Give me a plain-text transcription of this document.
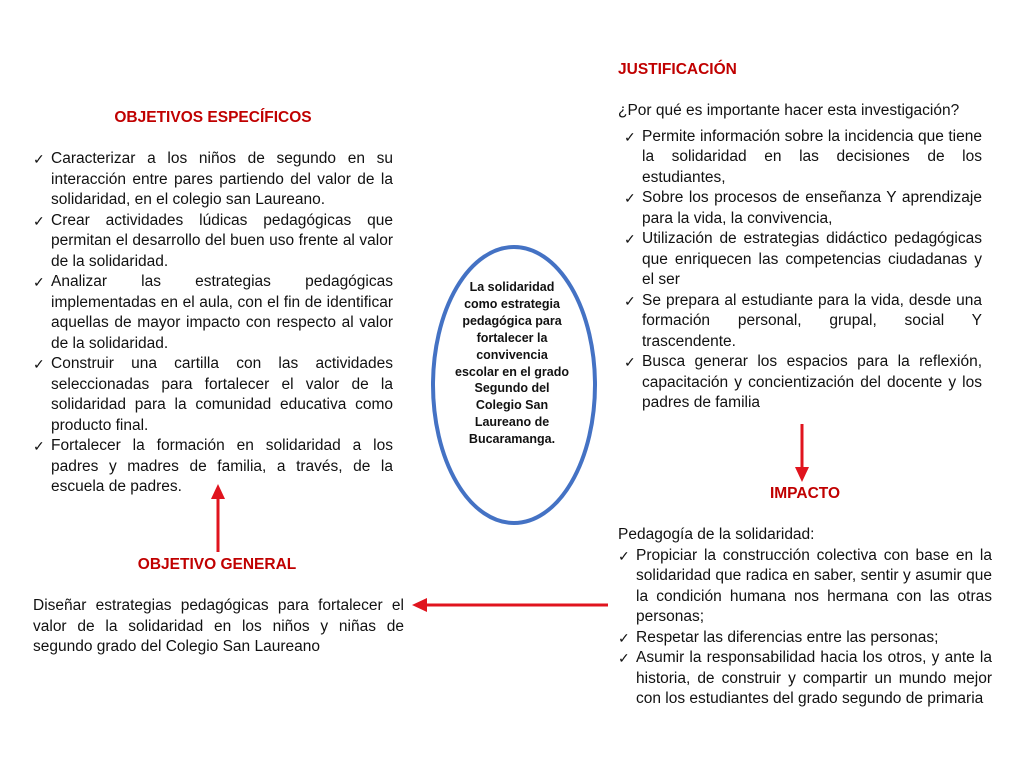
OBJETIVOS ESPECÍFICOS
✓ Caracterizar a los niños de segundo en su interacción entre pares partiendo del valor de la solidaridad, en el colegio san Laureano.
✓ Crear actividades lúdicas pedagógicas que permitan el desarrollo del buen uso frente al valor de la solidaridad.
✓ Analizar las estrategias pedagógicas implementadas en el aula, con el fin de identificar aquellas de mayor impacto con respecto al valor de la solidaridad.
✓ Construir una cartilla con las actividades seleccionadas para fortalecer el valor de la solidaridad para la comunidad educativa como producto final.
✓ Fortalecer la formación en solidaridad a los padres y madres de familia, a través, de la escuela de padres.
OBJETIVO GENERAL
Diseñar estrategias pedagógicas para fortalecer el valor de la solidaridad en los niños y niñas de segundo grado del Colegio San Laureano
La solidaridad como estrategia pedagógica para fortalecer la convivencia escolar en el grado Segundo del Colegio San Laureano de Bucaramanga.
JUSTIFICACIÓN
¿Por qué es importante hacer esta investigación?
✓ Permite información sobre la incidencia que tiene la solidaridad en las decisiones de los estudiantes,
✓ Sobre los procesos de enseñanza Y aprendizaje para la vida, la convivencia,
✓ Utilización de estrategias didáctico pedagógicas que enriquecen las competencias ciudadanas y el ser
✓ Se prepara al estudiante para la vida, desde una formación personal, grupal, social Y trascendente.
✓ Busca generar los espacios para la reflexión, capacitación y concientización del docente y los padres de familia
IMPACTO
Pedagogía de la solidaridad:
✓ Propiciar la construcción colectiva con base en la solidaridad que radica en saber, sentir y asumir que la condición humana nos hermana con las otras personas;
✓ Respetar las diferencias entre las personas;
✓ Asumir la responsabilidad hacia los otros, y ante la historia, de construir y compartir un mundo mejor con los estudiantes del grado segundo de primaria
